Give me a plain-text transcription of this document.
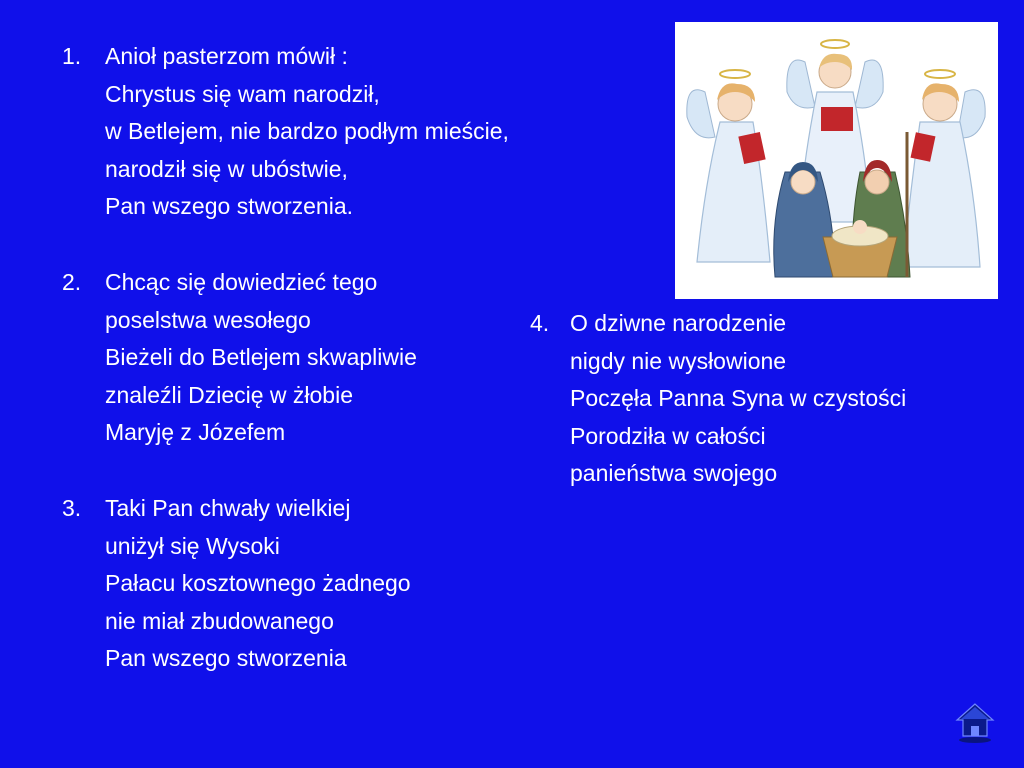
1. Anioł pasterzom mówił :
Chrystus się wam narodził,
w Betlejem, nie bardzo podłym mieście,
narodził się w ubóstwie,
Pan wszego stworzenia.
2. Chcąc się dowiedzieć tego
poselstwa wesołego
Bieżeli do Betlejem skwapliwie
znaleźli Dziecię w żłobie
Maryję z Józefem
3. Taki Pan chwały wielkiej
uniżył się Wysoki
Pałacu kosztownego żadnego
nie miał zbudowanego
Pan wszego stworzenia
4. O dziwne narodzenie
nigdy nie wysłowione
Poczęła Panna Syna w czystości
Porodziła w całości
panieństwa swojego
